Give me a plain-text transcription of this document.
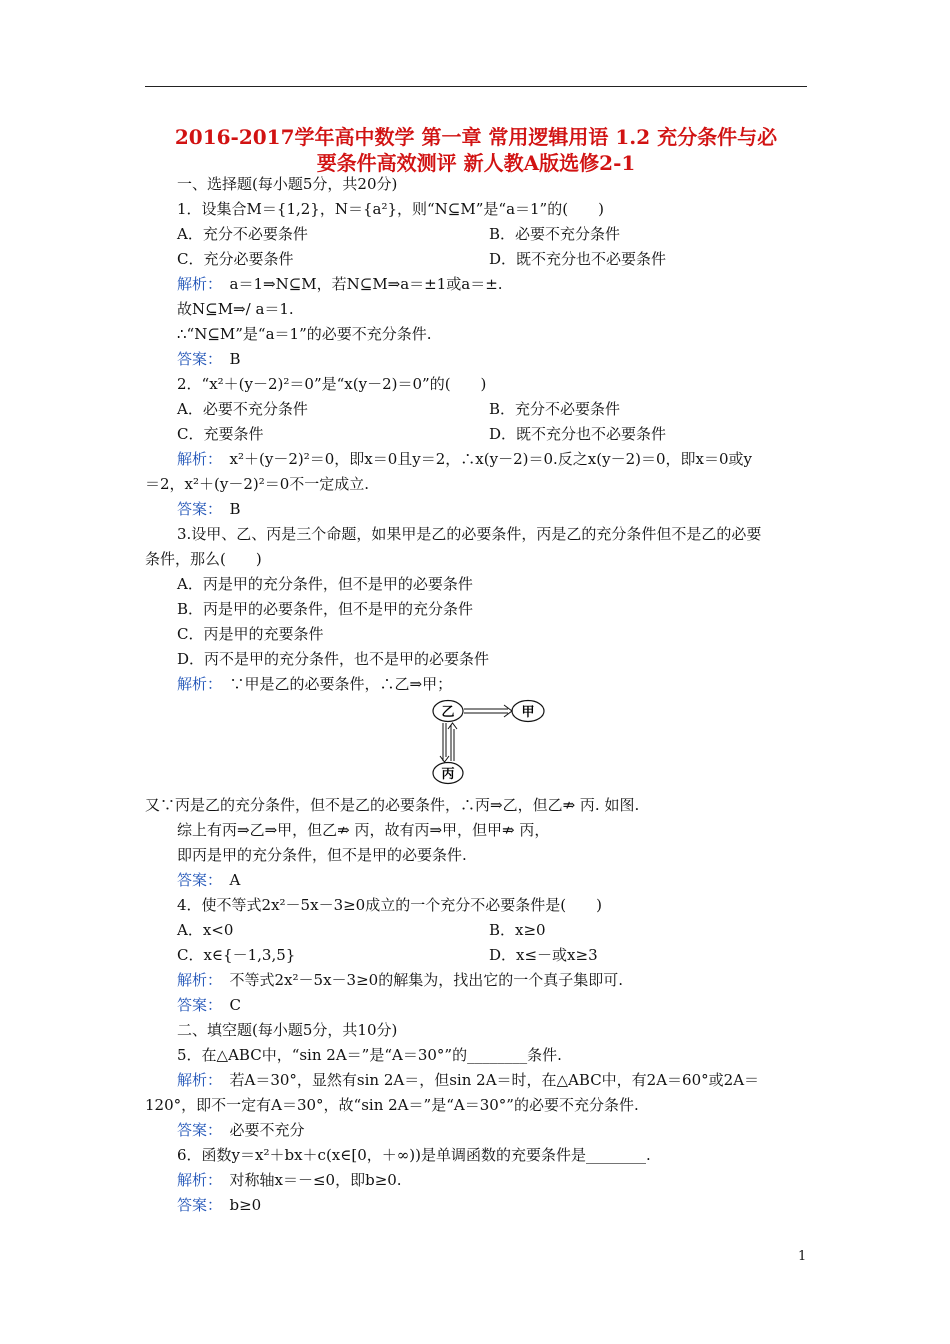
2016-2017学年高中数学 第一章 常用逻辑用语 1.2 充分条件与必
要条件高效测评 新人教A版选修2-1
一、选择题(每小题5分，共20分)
1．设集合M＝{1,2}，N＝{a²}，则“N⊆M”是“a＝1”的(　　)
A．充分不必要条件	B．必要不充分条件
C．充分必要条件	D．既不充分也不必要条件
解析：　a＝1⇒N⊆M，若N⊆M⇒a＝±1或a＝±.
故N⊆M⇒/ a＝1.
∴“N⊆M”是“a＝1”的必要不充分条件.
答案：　B
2．“x²＋(y－2)²＝0”是“x(y－2)＝0”的(　　)
A．必要不充分条件	B．充分不必要条件
C．充要条件	D．既不充分也不必要条件
解析：　x²＋(y－2)²＝0，即x＝0且y＝2，∴x(y－2)＝0.反之x(y－2)＝0，即x＝0或y
＝2，x²＋(y－2)²＝0不一定成立.
答案：　B
3.设甲、乙、丙是三个命题，如果甲是乙的必要条件，丙是乙的充分条件但不是乙的必要
条件，那么(　　)
A．丙是甲的充分条件，但不是甲的必要条件
B．丙是甲的必要条件，但不是甲的充分条件
C．丙是甲的充要条件
D．丙不是甲的充分条件，也不是甲的必要条件
解析：　∵甲是乙的必要条件，∴乙⇒甲；
乙	甲
丙
又∵丙是乙的充分条件，但不是乙的必要条件，∴丙⇒乙，但乙⇏ 丙. 如图.
综上有丙⇒乙⇒甲，但乙⇏ 丙，故有丙⇒甲，但甲⇏ 丙，
即丙是甲的充分条件，但不是甲的必要条件.
答案：　A
4．使不等式2x²－5x－3≥0成立的一个充分不必要条件是(　　)
A．x<0	B．x≥0
C．x∈{－1,3,5}	D．x≤－或x≥3
解析：　不等式2x²－5x－3≥0的解集为，找出它的一个真子集即可.
答案：　C
二、填空题(每小题5分，共10分)
5．在△ABC中，“sin 2A＝”是“A＝30°”的________条件.
解析：　若A＝30°，显然有sin 2A＝，但sin 2A＝时，在△ABC中，有2A＝60°或2A＝
120°，即不一定有A＝30°，故“sin 2A＝”是“A＝30°”的必要不充分条件.
答案：　必要不充分
6．函数y＝x²＋bx＋c(x∈[0，＋∞))是单调函数的充要条件是________.
解析：　对称轴x＝－≤0，即b≥0.
答案：　b≥0
1
